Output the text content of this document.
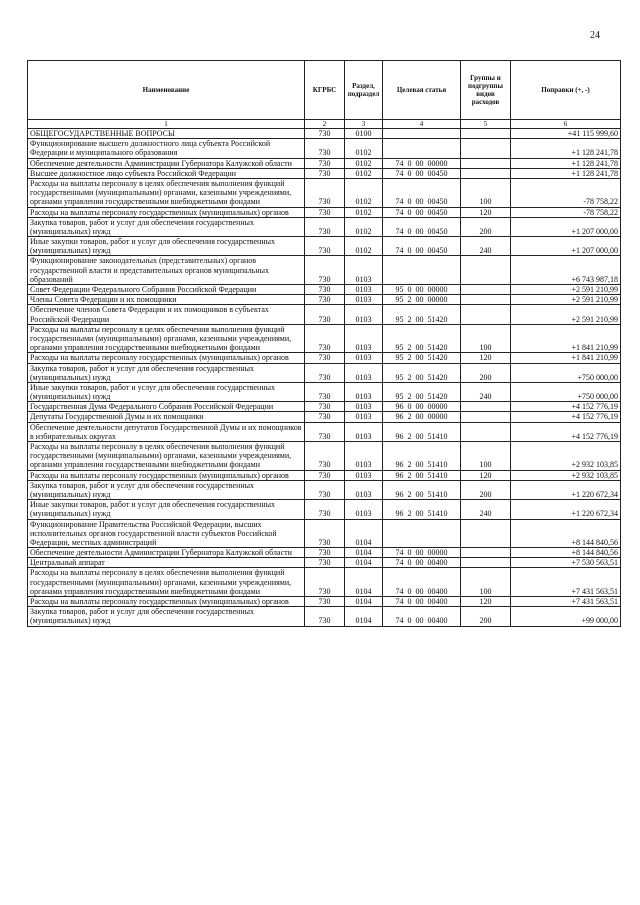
24
Наименование	КГРБС	Раздел, подраздел	Целевая статья	Группы и подгруппы видов расходов	Поправки (+, -)
1	2	3	4	5	6
ОБЩЕГОСУДАРСТВЕННЫЕ ВОПРОСЫ	730	0100			+41 115 999,60
Функционирование высшего должностного лица субъекта Российской Федерации и муниципального образования	730	0102			+1 128 241,78
Обеспечение деятельности Администрации Губернатора Калужской области	730	0102	74  0  00  00000		+1 128 241,78
Высшее должностное лицо субъекта Российской Федерации	730	0102	74  0  00  00450		+1 128 241,78
Расходы на выплаты персоналу в целях обеспечения выполнения функций государственными (муниципальными) органами, казенными учреждениями, органами управления государственными внебюджетными фондами	730	0102	74  0  00  00450	100	-78 758,22
Расходы на выплаты персоналу государственных (муниципальных) органов	730	0102	74  0  00  00450	120	-78 758,22
Закупка товаров, работ и услуг для обеспечения государственных (муниципальных) нужд	730	0102	74  0  00  00450	200	+1 207 000,00
Иные закупки товаров, работ и услуг для обеспечения государственных (муниципальных) нужд	730	0102	74  0  00  00450	240	+1 207 000,00
Функционирование законодательных (представительных) органов государственной власти и представительных органов муниципальных образований	730	0103			+6 743 987,18
Совет Федерации Федерального Собрания Российской Федерации	730	0103	95  0  00  00000		+2 591 210,99
Члены Совета Федерации и их помощники	730	0103	95  2  00  00000		+2 591 210,99
Обеспечение членов Совета Федерации и их помощников в субъектах Российской Федерации	730	0103	95  2  00  51420		+2 591 210,99
Расходы на выплаты персоналу в целях обеспечения выполнения функций государственными (муниципальными) органами, казенными учреждениями, органами управления государственными внебюджетными фондами	730	0103	95  2  00  51420	100	+1 841 210,99
Расходы на выплаты персоналу государственных (муниципальных) органов	730	0103	95  2  00  51420	120	+1 841 210,99
Закупка товаров, работ и услуг для обеспечения государственных (муниципальных) нужд	730	0103	95  2  00  51420	200	+750 000,00
Иные закупки товаров, работ и услуг для обеспечения государственных (муниципальных) нужд	730	0103	95  2  00  51420	240	+750 000,00
Государственная Дума Федерального Собрания Российской Федерации	730	0103	96  0  00  00000		+4 152 776,19
Депутаты Государственной Думы и их помощники	730	0103	96  2  00  00000		+4 152 776,19
Обеспечение деятельности депутатов Государственной Думы и их помощников в избирательных округах	730	0103	96  2  00  51410		+4 152 776,19
Расходы на выплаты персоналу в целях обеспечения выполнения функций государственными (муниципальными) органами, казенными учреждениями, органами управления государственными внебюджетными фондами	730	0103	96  2  00  51410	100	+2 932 103,85
Расходы на выплаты персоналу государственных (муниципальных) органов	730	0103	96  2  00  51410	120	+2 932 103,85
Закупка товаров, работ и услуг для обеспечения государственных (муниципальных) нужд	730	0103	96  2  00  51410	200	+1 220 672,34
Иные закупки товаров, работ и услуг для обеспечения государственных (муниципальных) нужд	730	0103	96  2  00  51410	240	+1 220 672,34
Функционирование Правительства Российской Федерации, высших исполнительных органов государственной власти субъектов Российской Федерации, местных администраций	730	0104			+8 144 840,56
Обеспечение деятельности Администрации Губернатора Калужской области	730	0104	74  0  00  00000		+8 144 840,56
Центральный аппарат	730	0104	74  0  00  00400		+7 530 563,51
Расходы на выплаты персоналу в целях обеспечения выполнения функций государственными (муниципальными) органами, казенными учреждениями, органами управления государственными внебюджетными фондами	730	0104	74  0  00  00400	100	+7 431 563,51
Расходы на выплаты персоналу государственных (муниципальных) органов	730	0104	74  0  00  00400	120	+7 431 563,51
Закупка товаров, работ и услуг для обеспечения государственных (муниципальных) нужд	730	0104	74  0  00  00400	200	+99 000,00
